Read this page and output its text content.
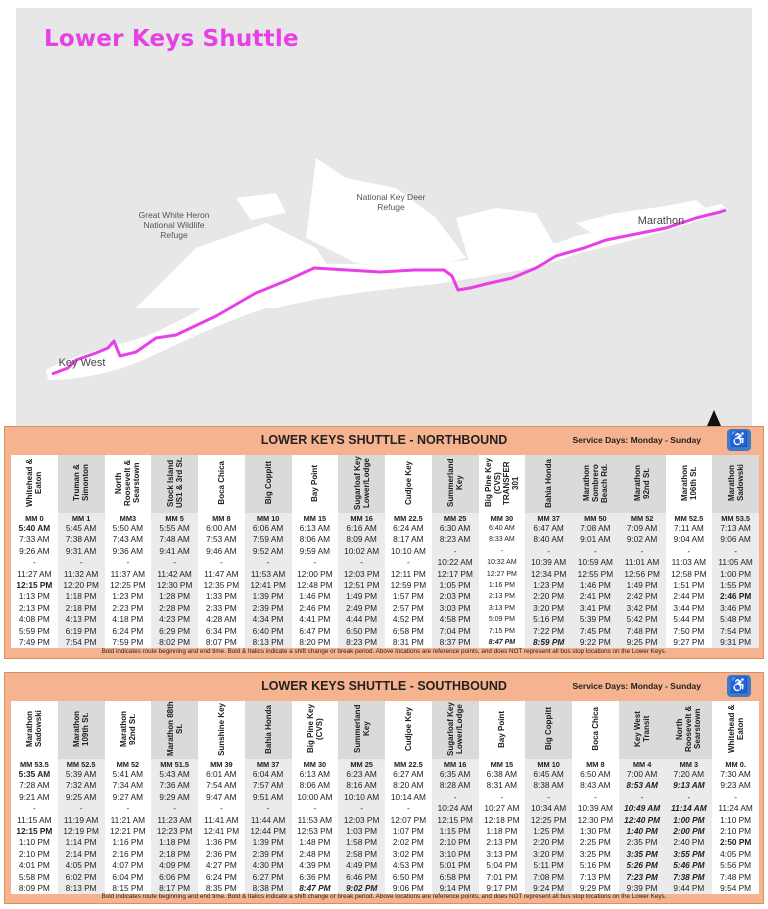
Lower Keys Shuttle
Great White Heron National Wildlife Refuge
National Key Deer Refuge
Marathon
Key West
LOWER KEYS SHUTTLE - NORTHBOUND	Service Days: Monday - Sunday ♿
Whitehead & Eaton	Truman & Simonton	North Roosevelt & Searstown	Stock Island US1 & 3rd St.	Boca Chica	Big Coppitt	Bay Point	Sugarloaf Key Lower/Lodge	Cudjoe Key	Summerland Key	Big Pine Key (CVS) TRANSFER 301	Bahia Honda	Marathon Sombrero Beach Rd.	Marathon 92nd St.	Marathon 106th St.	Marathon Sadowski
MM 0	MM 1	MM3	MM 5	MM 8	MM 10	MM 15	MM 16	MM 22.5	MM 25	MM 30	MM 37	MM 50	MM 52	MM 52.5	MM 53.5
5:40 AM	5:45 AM	5:50 AM	5:55 AM	6:00 AM	6:06 AM	6:13 AM	6:16 AM	6:24 AM	6:30 AM	6:40 AM	6:47 AM	7:08 AM	7:09 AM	7:11 AM	7:13 AM
7:33 AM	7:38 AM	7:43 AM	7:48 AM	7:53 AM	7:59 AM	8:06 AM	8:09 AM	8:17 AM	8:23 AM	8:33 AM	8:40 AM	9:01 AM	9:02 AM	9:04 AM	9:06 AM
9:26 AM	9:31 AM	9:36 AM	9:41 AM	9:46 AM	9:52 AM	9:59 AM	10:02 AM	10:10 AM	-	-	-	-	-	-	-
-	-	-	-	-	-	-	-	-	10:22 AM	10:32 AM	10:39 AM	10:59 AM	11:01 AM	11:03 AM	11:05 AM
11:27 AM	11:32 AM	11:37 AM	11:42 AM	11:47 AM	11:53 AM	12:00 PM	12:03 PM	12:11 PM	12:17 PM	12:27 PM	12:34 PM	12:55 PM	12:56 PM	12:58 PM	1:00 PM
12:15 PM	12:20 PM	12:25 PM	12:30 PM	12:35 PM	12:41 PM	12:48 PM	12:51 PM	12:59 PM	1:05 PM	1:16 PM	1:23 PM	1:46 PM	1:49 PM	1:51 PM	1:55 PM
1:13 PM	1:18 PM	1:23 PM	1:28 PM	1:33 PM	1:39 PM	1:46 PM	1:49 PM	1:57 PM	2:03 PM	2:13 PM	2:20 PM	2:41 PM	2:42 PM	2:44 PM	2:46 PM
2:13 PM	2:18 PM	2:23 PM	2:28 PM	2:33 PM	2:39 PM	2:46 PM	2:49 PM	2:57 PM	3:03 PM	3:13 PM	3:20 PM	3:41 PM	3:42 PM	3:44 PM	3:46 PM
4:08 PM	4:13 PM	4:18 PM	4:23 PM	4:28 AM	4:34 PM	4:41 PM	4:44 PM	4:52 PM	4:58 PM	5:09 PM	5:16 PM	5:39 PM	5:42 PM	5:44 PM	5:48 PM
5:59 PM	6:19 PM	6:24 PM	6:29 PM	6:34 PM	6:40 PM	6:47 PM	6:50 PM	6:58 PM	7:04 PM	7:15 PM	7:22 PM	7:45 PM	7:48 PM	7:50 PM	7:54 PM
7:49 PM	7:54 PM	7:59 PM	8:02 PM	8:07 PM	8:13 PM	8:20 PM	8:23 PM	8:31 PM	8:37 PM	8:47 PM	8:59 PM	9:22 PM	9:25 PM	9:27 PM	9:31 PM
Bold indicates route beginning and end time. Bold & Italics indicate a shift change or break period. Above locations are reference points, and does NOT represent all bus stop locations on the Lower Keys.
LOWER KEYS SHUTTLE - SOUTHBOUND	Service Days: Monday - Sunday ♿
Marathon Sadowski	Marathon 109th St.	Marathon 92nd St.	Marathon 88th St.	Sunshine Key	Bahia Honda	Big Pine Key (CVS)	Summerland Key	Cudjoe Key	Sugarloaf Key Lower/Lodge	Bay Point	Big Coppitt	Boca Chica	Key West Transit	North Roosevelt & Searstown	Whitehead & Eaton
MM 53.5	MM 52.5	MM 52	MM 51.5	MM 39	MM 37	MM 30	MM 25	MM 22.5	MM 16	MM 15	MM 10	MM 8	MM 4	MM 3	MM 0.
5:35 AM	5:39 AM	5:41 AM	5:43 AM	6:01 AM	6:04 AM	6:13 AM	6:23 AM	6:27 AM	6:35 AM	6:38 AM	6:45 AM	6:50 AM	7:00 AM	7:20 AM	7:30 AM
7:28 AM	7:32 AM	7:34 AM	7:36 AM	7:54 AM	7:57 AM	8:06 AM	8:16 AM	8:20 AM	8:28 AM	8:31 AM	8:38 AM	8:43 AM	8:53 AM	9:13 AM	9:23 AM
9:21 AM	9:25 AM	9:27 AM	9:29 AM	9:47 AM	9:51 AM	10:00 AM	10:10 AM	10:14 AM	-	-	-	-	-	-	-
-	-	-	-	-	-	-	-	-	10:24 AM	10:27 AM	10:34 AM	10:39 AM	10:49 AM	11:14 AM	11:24 AM
11:15 AM	11:19 AM	11:21 AM	11:23 AM	11:41 AM	11:44 AM	11:53 AM	12:03 PM	12:07 PM	12:15 PM	12:18 PM	12:25 PM	12:30 PM	12:40 PM	1:00 PM	1:10 PM
12:15 PM	12:19 PM	12:21 PM	12:23 PM	12:41 PM	12:44 PM	12:53 PM	1:03 PM	1:07 PM	1:15 PM	1:18 PM	1:25 PM	1:30 PM	1:40 PM	2:00 PM	2:10 PM
1:10 PM	1:14 PM	1:16 PM	1:18 PM	1:36 PM	1:39 PM	1:48 PM	1:58 PM	2:02 PM	2:10 PM	2:13 PM	2:20 PM	2:25 PM	2:35 PM	2:40 PM	2:50 PM
2:10 PM	2:14 PM	2:16 PM	2:18 PM	2:36 PM	2:39 PM	2:48 PM	2:58 PM	3:02 PM	3:10 PM	3:13 PM	3:20 PM	3:25 PM	3:35 PM	3:55 PM	4:05 PM
4:01 PM	4:05 PM	4:07 PM	4:09 PM	4:27 PM	4:30 PM	4:39 PM	4:49 PM	4:53 PM	5:01 PM	5:04 PM	5:11 PM	5:16 PM	5:26 PM	5:46 PM	5:56 PM
5:58 PM	6:02 PM	6:04 PM	6:06 PM	6:24 PM	6:27 PM	6:36 PM	6:46 PM	6:50 PM	6:58 PM	7:01 PM	7:08 PM	7:13 PM	7:23 PM	7:38 PM	7:48 PM
8:09 PM	8:13 PM	8:15 PM	8:17 PM	8:35 PM	8:38 PM	8:47 PM	9:02 PM	9:06 PM	9:14 PM	9:17 PM	9:24 PM	9:29 PM	9:39 PM	9:44 PM	9:54 PM
Bold indicates route beginning and end time. Bold & Italics indicate a shift change or break period. Above locations are reference points, and does NOT represent all bus stop locations on the Lower Keys.
